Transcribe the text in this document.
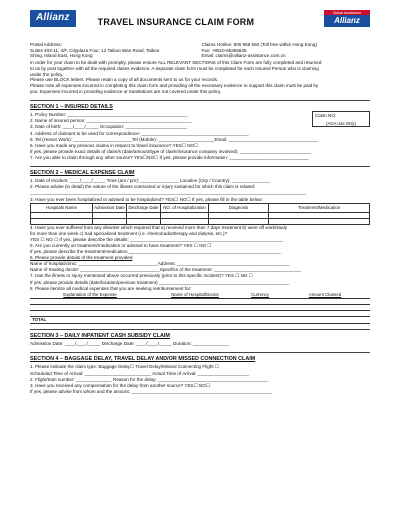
Allianz	TRAVEL INSURANCE CLAIM FORM
Global Assistance
Allianz
Postal Address:
Suites 403-11, 4/F, Cityplaza Four, 12 Taikoo Wan Road, Taikoo
Shing, Island East, Hong Kong
Claims Hotline: 800 969 550 (Toll free within Hong Kong)
Fax: +8610-65355835
Email: claims@allianz-assistance.com.cn

In order for your claim to be dealt with promptly, please ensure ALL RELEVANT SECTIONS of this Claim Form are fully completed and returned

to us by post together with all the required claims evidence. A separate claim form must be completed for each Insured Person who is claiming

under the policy.

Please use BLOCK letters. Please retain a copy of all documents sent to us for your records.

Please note all expenses incurred in completing this claim form and providing all the necessary evidence to support this claim must be paid by

you. Expenses incurred in providing evidence or translations are not covered under this policy.

SECTION 1 – INSURED DETAILS
1. Policy Number: _______________________________________________
2. Name of insured person: _________________________________________
3. Date of birth: ____/____/_____ Occupation: ________________________
4. Address of claimant to be used for correspondence: __________________________________________
5. Tel (Home/ Work): _______________________Tel (Mobile): ______________________Email: ___________________________________
6. Have you made any previous claims in respect to travel insurance? YES☐ NO☐
If yes, please provide exact details of claim/s (date/amount/type of claim/insurance company involved): ____________________________
7. Are you able to claim through any other source? YES☐NO☐ If yes, please provide information: _______________________________
Claim NO:
(AGA Use Only)
SECTION 2 – MEDICAL EXPENSE CLAIM
1. Date of Incident: ____/____/_____ Time (am / pm): _______________ Location (City / Country): _______________
2. Please advise (in detail) the nature of the illness contracted or injury sustained for which this claim is related:
____________________________________________________________________________________________________________
3. Have you ever been hospitalized or advised to be hospitalized? YES☐ NO☐ If yes, please fill in the table below:
Hospitals Name	Admission Date	Discharge Date	NO. of Hospitalization	Diagnosis	Treatment/Medication

4. Have you ever suffered from any disorder which required that a) received more than 7 days treatment b) were off work/study
for more than one week c) had specialized treatment (i.e. chemo/radiotherapy and dialysis, etc.)?
YES ☐ NO ☐ If yes, please describe the details: ____________________________________________________________
5. Are you currently on treatment/medication or advised to have treatment? YES ☐ NO ☐
If yes, please describe the treatment/medication____________________________________________________________
6. Please provide details of the treatment provided
Name of hospital/clinic: _______________________________Address: ____________________________________________
Name of treating doctor: _______________________________Specifics of the treatment: __________________________________
7. Has the illness or injury mentioned above occurred previously (prior to this specific incident)? YES ☐ NO ☐
If yes, please provide details (date/location/previous treatment) ___________________________________________________
8. Please itemize all medical expenses that you are seeking reimbursement for:
Explanation of the Expense	Name of Hospital/Doctor	Currency	Amount Claimed

TOTAL			
SECTION 3 – DAILY INPATIENT CASH SUBSIDY CLAIM
Admission Date: ____/____/_____ Discharge Date: ____/____/_____ Duration: ______________
SECTION 4 – BAGGAGE DELAY, TRAVEL DELAY AND/OR MISSED CONNECTION CLAIM
1. Please indicate the claim type: Baggage Delay☐ Travel Delay/Missed Connecting Flight ☐
Scheduled Time of Arrival: __________________________ Actual Time of Arrival: ____________________
2. Flight/train number: ______________ Reason for the delay: ___________________________________________
3. Have you received any compensation for the delay from another source? YES☐ NO☐
If yes, please advise from whom and the amount: _______________________________________________________
